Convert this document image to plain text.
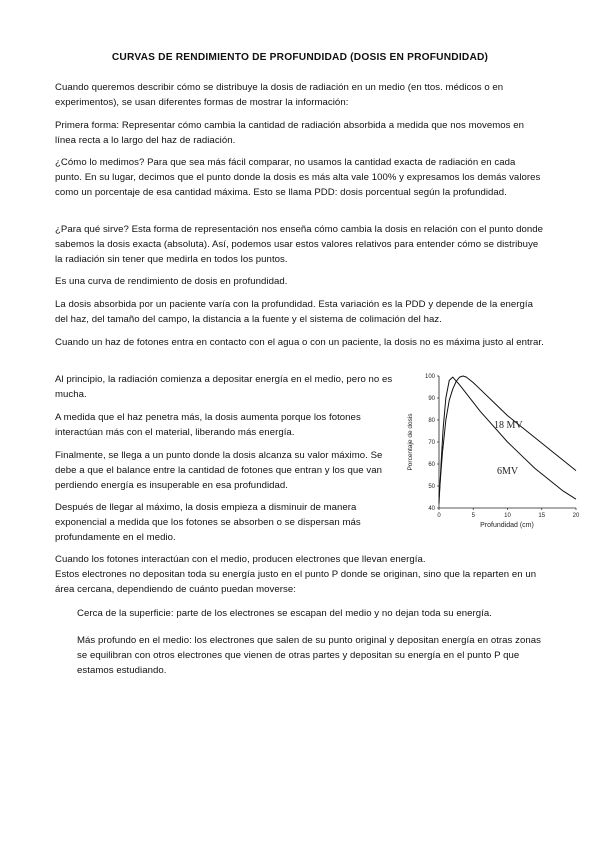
CURVAS DE RENDIMIENTO DE PROFUNDIDAD (DOSIS EN PROFUNDIDAD)

Cuando queremos describir cómo se distribuye la dosis de radiación en un medio (en ttos. médicos o en experimentos), se usan diferentes formas de mostrar la información:

Primera forma: Representar cómo cambia la cantidad de radiación absorbida a medida que nos movemos en línea recta a lo largo del haz de radiación.

¿Cómo lo medimos? Para que sea más fácil comparar, no usamos la cantidad exacta de radiación en cada punto. En su lugar, decimos que el punto donde la dosis es más alta vale 100% y expresamos los demás valores como un porcentaje de esa cantidad máxima. Esto se llama PDD: dosis porcentual según la profundidad.

¿Para qué sirve? Esta forma de representación nos enseña cómo cambia la dosis en relación con el punto donde sabemos la dosis exacta (absoluta). Así, podemos usar estos valores relativos para entender cómo se distribuye la radiación sin tener que medirla en todos los puntos.

Es una curva de rendimiento de dosis en profundidad.

La dosis absorbida por un paciente varía con la profundidad. Esta variación es la PDD y depende de la energía del haz, del tamaño del campo, la distancia a la fuente y el sistema de colimación del haz.

Cuando un haz de fotones entra en contacto con el agua o con un paciente, la dosis no es máxima justo al entrar.

Al principio, la radiación comienza a depositar energía en el medio, pero no es mucha.

A medida que el haz penetra más, la dosis aumenta porque los fotones interactúan más con el material, liberando más energía.

Finalmente, se llega a un punto donde la dosis alcanza su valor máximo. Se debe a que el balance entre la cantidad de fotones que entran y los que van perdiendo energía es insuperable en esa profundidad.

Después de llegar al máximo, la dosis empieza a disminuir de manera exponencial a medida que los fotones se absorben o se dispersan más profundamente en el medio.

Cuando los fotones interactúan con el medio, producen electrones que llevan energía.
Estos electrones no depositan toda su energía justo en el punto P donde se originan, sino que la reparten en un área cercana, dependiendo de cuánto puedan moverse:

Cerca de la superficie: parte de los electrones se escapan del medio y no dejan toda su energía.

Más profundo en el medio: los electrones que salen de su punto original y depositan energía en otras zonas se equilibran con otros electrones que vienen de otras partes y depositan su energía en el punto P que estamos estudiando.

40
50
60
70
80
90
100
0	5	10	15	20
Porcentaje de dosis
Profundidad (cm)
18 MV
6MV
